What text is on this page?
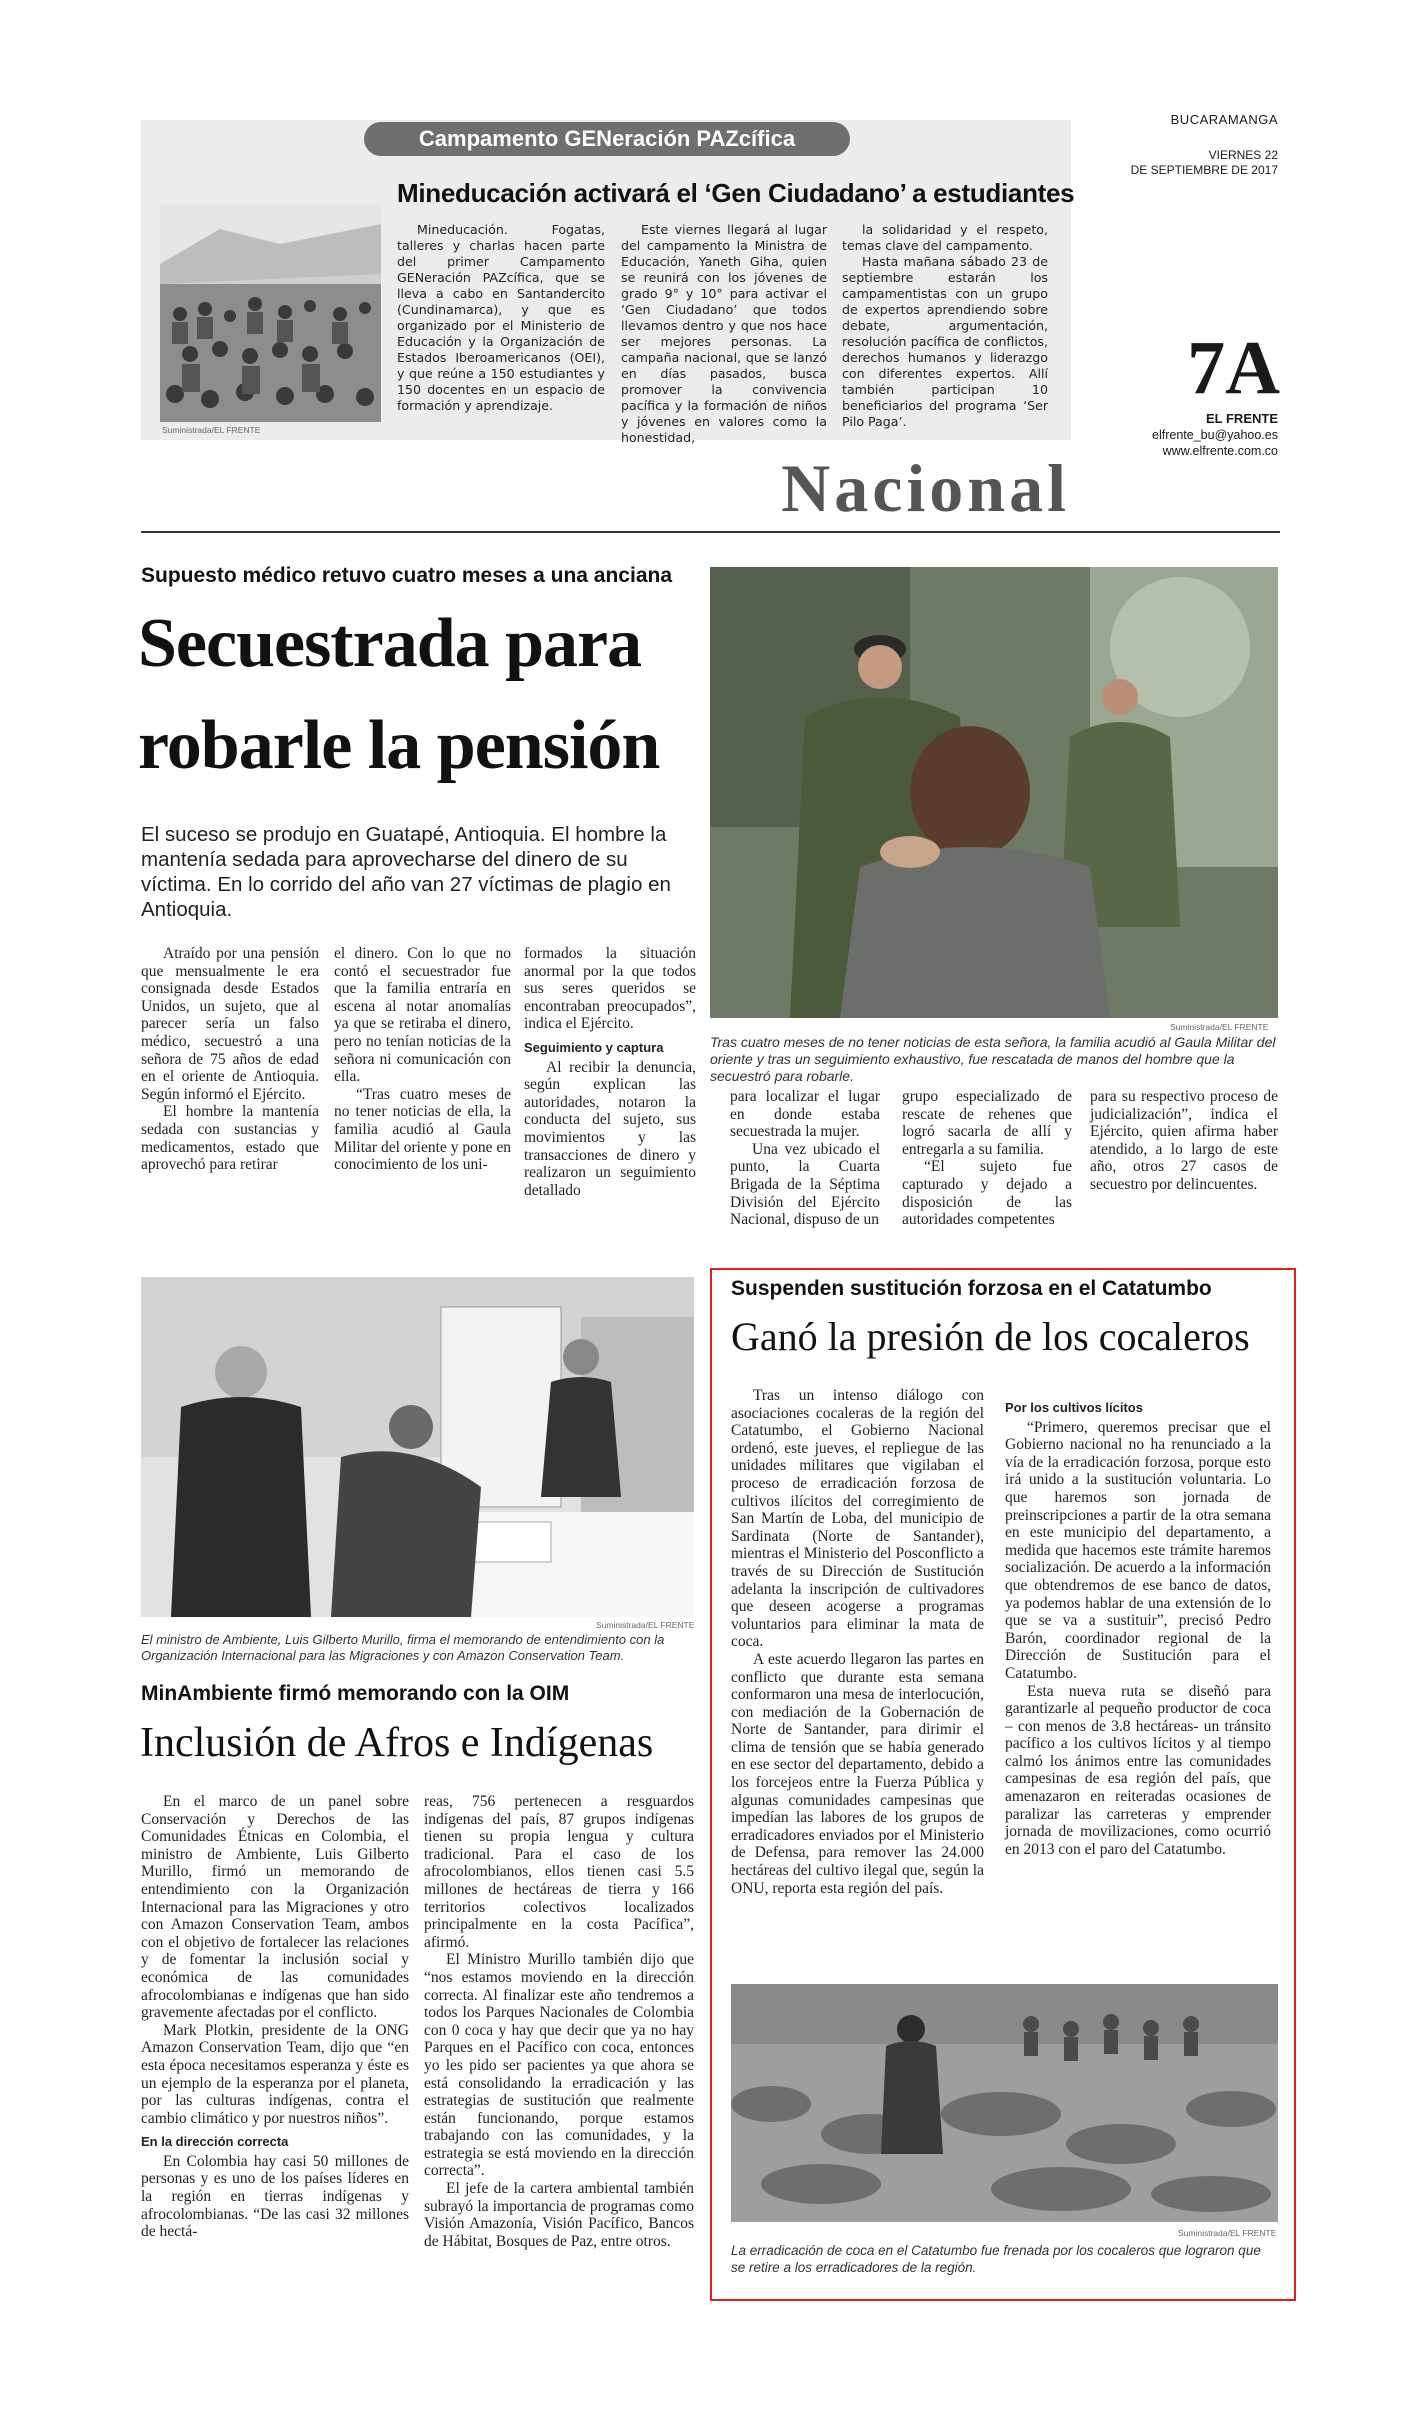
BUCARAMANGA
VIERNES 22
DE SEPTIEMBRE DE 2017
7A
EL FRENTE
elfrente_bu@yahoo.es
www.elfrente.com.co
Campamento GENeración PAZcífica
Mineducación activará el ‘Gen Ciudadano’ a estudiantes
Suministrada/EL FRENTE

Mineducación. Fogatas, talleres y charlas hacen parte del primer Campamento GENeración PAZcífica, que se lleva a cabo en Santandercito (Cundinamarca), y que es organizado por el Ministerio de Educación y la Organización de Estados Iberoamericanos (OEI), y que reúne a 150 estudiantes y 150 docentes en un espacio de formación y aprendizaje.

Este viernes llegará al lugar del campamento la Ministra de Educación, Yaneth Giha, quien se reunirá con los jóvenes de grado 9° y 10° para activar el ‘Gen Ciudadano’ que todos llevamos dentro y que nos hace ser mejores personas. La campaña nacional, que se lanzó en días pasados, busca promover la convivencia pacífica y la formación de niños y jóvenes en valores como la honestidad,

la solidaridad y el respeto, temas clave del campamento.

Hasta mañana sábado 23 de septiembre estarán los campamentistas con un grupo de expertos aprendiendo sobre debate, argumentación, resolución pacífica de conflictos, derechos humanos y liderazgo con diferentes expertos. Allí también participan 10 beneficiarios del programa ‘Ser Pilo Paga’.

Nacional
Supuesto médico retuvo cuatro meses a una anciana
Secuestrada para
robarle la pensión
El suceso se produjo en Guatapé, Antioquia. El hombre la mantenía sedada para aprovecharse del dinero de su víctima. En lo corrido del año van 27 víctimas de plagio en Antioquia.
Suministrada/EL FRENTE
Tras cuatro meses de no tener noticias de esta señora, la familia acudió al Gaula Militar del oriente y tras un seguimiento exhaustivo, fue rescatada de manos del hombre que la secuestró para robarle.

Atraído por una pensión que mensualmente le era consignada desde Estados Unidos, un sujeto, que al parecer sería un falso médico, secuestró a una señora de 75 años de edad en el oriente de Antioquia. Según informó el Ejército.

El hombre la mantenía sedada con sustancias y medicamentos, estado que aprovechó para retirar

el dinero. Con lo que no contó el secuestrador fue que la familia entraría en escena al notar anomalías ya que se retiraba el dinero, pero no tenían noticias de la señora ni comunicación con ella.

“Tras cuatro meses de no tener noticias de ella, la familia acudió al Gaula Militar del oriente y pone en conocimiento de los uni-

formados la situación anormal por la que todos sus seres queridos se encontraban preocupados”, indica el Ejército.

Seguimiento y captura

Al recibir la denuncia, según explican las autoridades, notaron la conducta del sujeto, sus movimientos y las transacciones de dinero y realizaron un seguimiento detallado

para localizar el lugar en donde estaba secuestrada la mujer.

Una vez ubicado el punto, la Cuarta Brigada de la Séptima División del Ejército Nacional, dispuso de un

grupo especializado de rescate de rehenes que logró sacarla de allí y entregarla a su familia.

“El sujeto fue capturado y dejado a disposición de las autoridades competentes

para su respectivo proceso de judicialización”, indica el Ejército, quien afirma haber atendido, a lo largo de este año, otros 27 casos de secuestro por delincuentes.

Suministrada/EL FRENTE
El ministro de Ambiente, Luis Gilberto Murillo, firma el memorando de entendimiento con la Organización Internacional para las Migraciones y con Amazon Conservation Team.
MinAmbiente firmó memorando con la OIM
Inclusión de Afros e Indígenas

En el marco de un panel sobre Conservación y Derechos de las Comunidades Étnicas en Colombia, el ministro de Ambiente, Luis Gilberto Murillo, firmó un memorando de entendimiento con la Organización Internacional para las Migraciones y otro con Amazon Conservation Team, ambos con el objetivo de fortalecer las relaciones y de fomentar la inclusión social y económica de las comunidades afrocolombianas e indígenas que han sido gravemente afectadas por el conflicto.

Mark Plotkin, presidente de la ONG Amazon Conservation Team, dijo que “en esta época necesitamos esperanza y éste es un ejemplo de la esperanza por el planeta, por las culturas indígenas, contra el cambio climático y por nuestros niños”.

En la dirección correcta

En Colombia hay casi 50 millones de personas y es uno de los países líderes en la región en tierras indígenas y afrocolombianas. “De las casi 32 millones de hectá-

reas, 756 pertenecen a resguardos indígenas del país, 87 grupos indígenas tienen su propia lengua y cultura tradicional. Para el caso de los afrocolombianos, ellos tienen casi 5.5 millones de hectáreas de tierra y 166 territorios colectivos localizados principalmente en la costa Pacífica”, afirmó.

El Ministro Murillo también dijo que “nos estamos moviendo en la dirección correcta. Al finalizar este año tendremos a todos los Parques Nacionales de Colombia con 0 coca y hay que decir que ya no hay Parques en el Pacífico con coca, entonces yo les pido ser pacientes ya que ahora se está consolidando la erradicación y las estrategias de sustitución que realmente están funcionando, porque estamos trabajando con las comunidades, y la estrategia se está moviendo en la dirección correcta”.

El jefe de la cartera ambiental también subrayó la importancia de programas como Visión Amazonía, Visión Pacífico, Bancos de Hábitat, Bosques de Paz, entre otros.

Suspenden sustitución forzosa en el Catatumbo
Ganó la presión de los cocaleros

Tras un intenso diálogo con asociaciones cocaleras de la región del Catatumbo, el Gobierno Nacional ordenó, este jueves, el repliegue de las unidades militares que vigilaban el proceso de erradicación forzosa de cultivos ilícitos del corregimiento de San Martín de Loba, del municipio de Sardinata (Norte de Santander), mientras el Ministerio del Posconflicto a través de su Dirección de Sustitución adelanta la inscripción de cultivadores que deseen acogerse a programas voluntarios para eliminar la mata de coca.

A este acuerdo llegaron las partes en conflicto que durante esta semana conformaron una mesa de interlocución, con mediación de la Gobernación de Norte de Santander, para dirimir el clima de tensión que se había generado en ese sector del departamento, debido a los forcejeos entre la Fuerza Pública y algunas comunidades campesinas que impedían las labores de los grupos de erradicadores enviados por el Ministerio de Defensa, para remover las 24.000 hectáreas del cultivo ilegal que, según la ONU, reporta esta región del país.

Por los cultivos lícitos

“Primero, queremos precisar que el Gobierno nacional no ha renunciado a la vía de la erradicación forzosa, porque esto irá unido a la sustitución voluntaria. Lo que haremos son jornada de preinscripciones a partir de la otra semana en este municipio del departamento, a medida que hacemos este trámite haremos socialización. De acuerdo a la información que obtendremos de ese banco de datos, ya podemos hablar de una extensión de lo que se va a sustituir”, precisó Pedro Barón, coordinador regional de la Dirección de Sustitución para el Catatumbo.

Esta nueva ruta se diseñó para garantizarle al pequeño productor de coca – con menos de 3.8 hectáreas- un tránsito pacífico a los cultivos lícitos y al tiempo calmó los ánimos entre las comunidades campesinas de esa región del país, que amenazaron en reiteradas ocasiones de paralizar las carreteras y emprender jornada de movilizaciones, como ocurrió en 2013 con el paro del Catatumbo.

Suministrada/EL FRENTE
La erradicación de coca en el Catatumbo fue frenada por los cocaleros que lograron que se retire a los erradicadores de la región.
